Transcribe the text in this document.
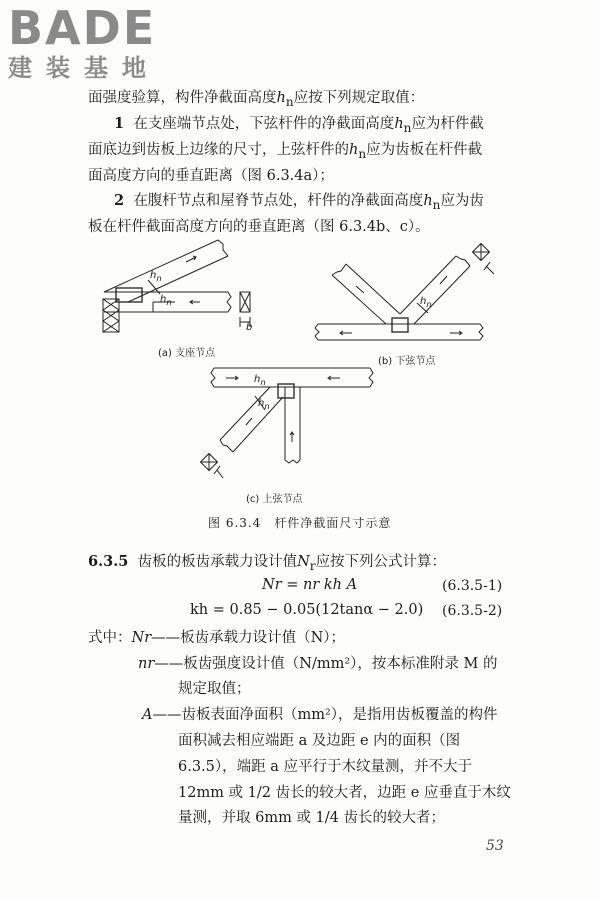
BADE
建装基地
面强度验算，构件净截面高度$h_n$应按下列规定取值：
1 在支座端节点处，下弦杆件的净截面高度$h_n$应为杆件截
面底边到齿板上边缘的尺寸，上弦杆件的$h_n$应为齿板在杆件截
面高度方向的垂直距离（图 6.3.4a）；
2 在腹杆节点和屋脊节点处，杆件的净截面高度$h_n$应为齿
板在杆件截面高度方向的垂直距离（图 6.3.4b、c）。
$h_n$
$h_n$
b
$h_n$
$h_n$
$h_n$
(a) 支座节点
(b) 下弦节点
(c) 上弦节点
图 6.3.4　杆件净截面尺寸示意
6.3.5 齿板的板齿承载力设计值$N_r$应按下列公式计算：
Nr = nr kh A	(6.3.5-1)
kh = 0.85 − 0.05(12tanα − 2.0) (6.3.5-2)
式中：Nr——板齿承载力设计值（N）；
nr——板齿强度设计值（N/mm²），按本标准附录 M 的
规定取值；
A——齿板表面净面积（mm²），是指用齿板覆盖的构件
面积减去相应端距 a 及边距 e 内的面积（图
6.3.5），端距 a 应平行于木纹量测，并不大于
12mm 或 1/2 齿长的较大者，边距 e 应垂直于木纹
量测，并取 6mm 或 1/4 齿长的较大者；
53
